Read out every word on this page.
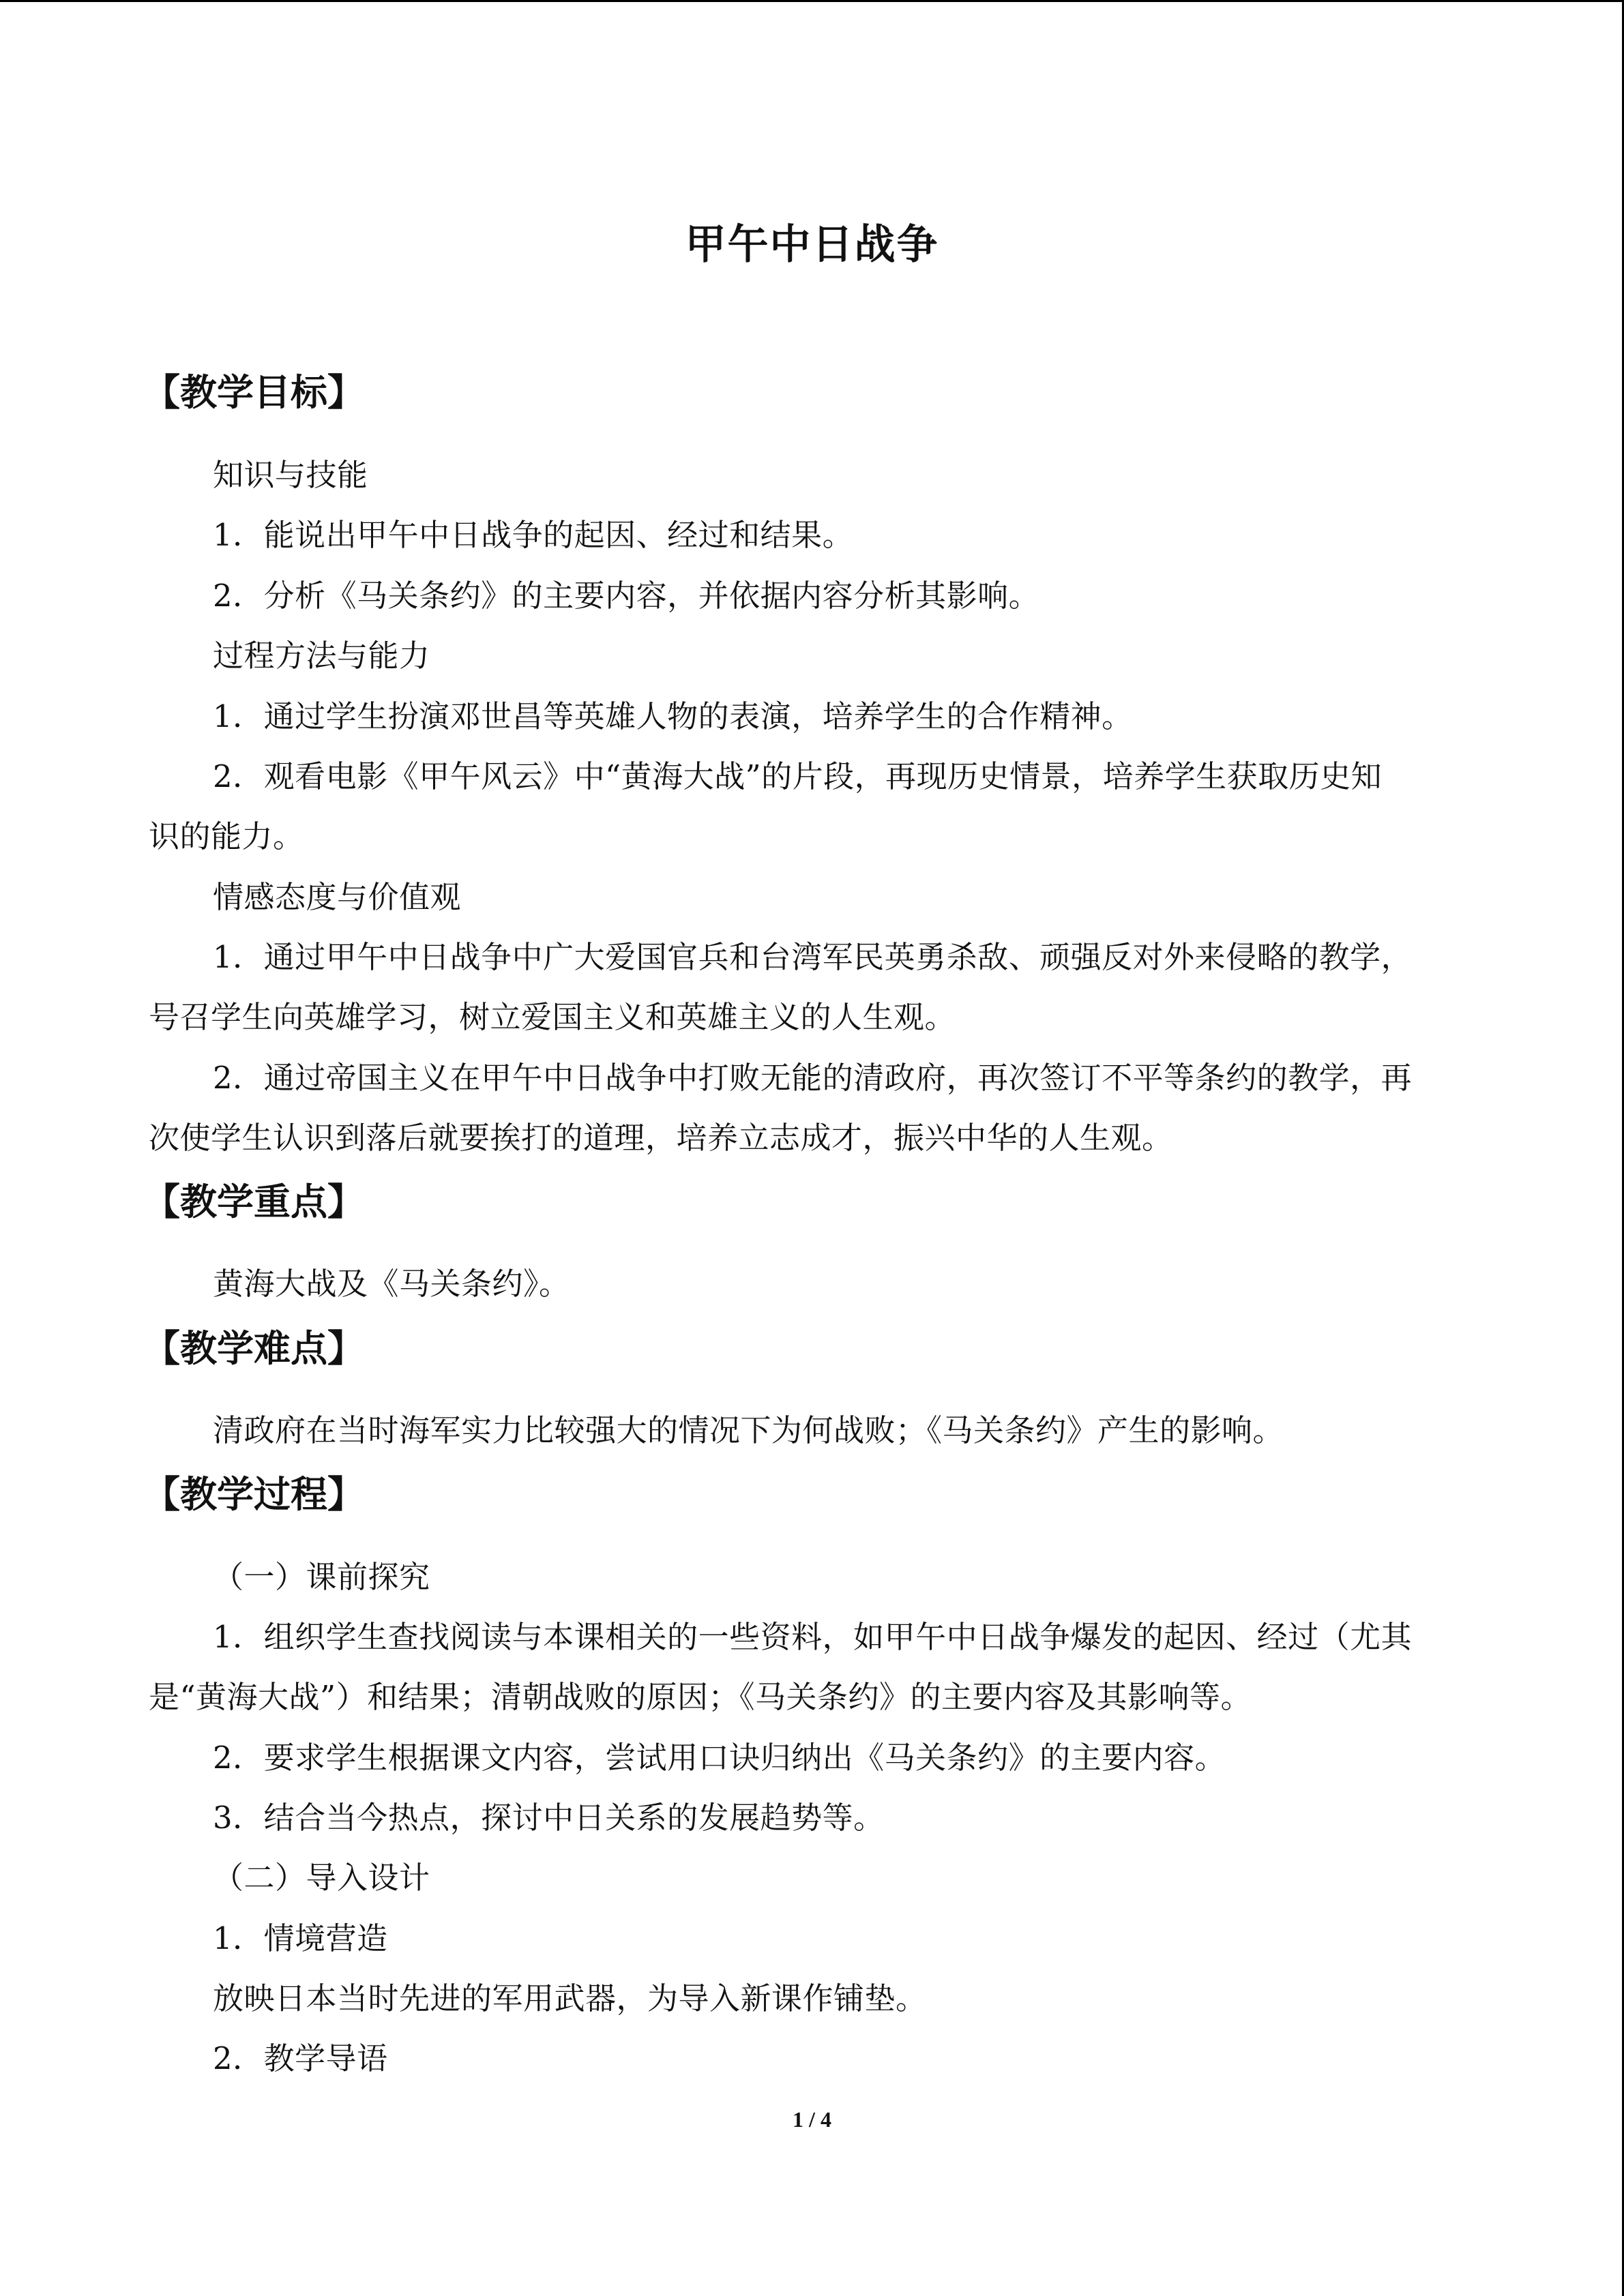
甲午中日战争
【教学目标】
知识与技能
1．能说出甲午中日战争的起因、经过和结果。
2．分析《马关条约》的主要内容，并依据内容分析其影响。
过程方法与能力
1．通过学生扮演邓世昌等英雄人物的表演，培养学生的合作精神。
2．观看电影《甲午风云》中“黄海大战”的片段，再现历史情景，培养学生获取历史知
识的能力。
情感态度与价值观
1．通过甲午中日战争中广大爱国官兵和台湾军民英勇杀敌、顽强反对外来侵略的教学，
号召学生向英雄学习，树立爱国主义和英雄主义的人生观。
2．通过帝国主义在甲午中日战争中打败无能的清政府，再次签订不平等条约的教学，再
次使学生认识到落后就要挨打的道理，培养立志成才，振兴中华的人生观。
【教学重点】
黄海大战及《马关条约》。
【教学难点】
清政府在当时海军实力比较强大的情况下为何战败；《马关条约》产生的影响。
【教学过程】
（一）课前探究
1．组织学生查找阅读与本课相关的一些资料，如甲午中日战争爆发的起因、经过（尤其
是“黄海大战”）和结果；清朝战败的原因；《马关条约》的主要内容及其影响等。
2．要求学生根据课文内容，尝试用口诀归纳出《马关条约》的主要内容。
3．结合当今热点，探讨中日关系的发展趋势等。
（二）导入设计
1．情境营造
放映日本当时先进的军用武器，为导入新课作铺垫。
2．教学导语
1 / 4
